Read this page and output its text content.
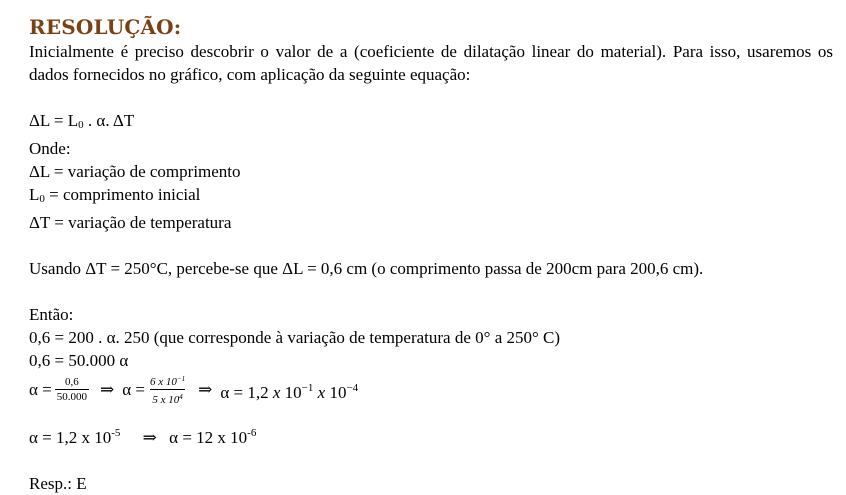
RESOLUÇÃO:
Inicialmente é preciso descobrir o valor de a (coeficiente de dilatação linear do material). Para isso, usaremos os dados fornecidos no gráfico, com aplicação da seguinte equação:
ΔL = L0 . α. ΔT
Onde:
ΔL = variação de comprimento
L0 = comprimento inicial
ΔT = variação de temperatura
Usando ΔT = 250°C, percebe-se que ΔL = 0,6 cm (o comprimento passa de 200cm para 200,6 cm).
Então:
0,6 = 200 . α. 250 (que corresponde à variação de temperatura de 0° a 250° C)
0,6 = 50.000 α
$\alpha = \frac{0,6}{50.000}$ ⇒ $\alpha = \frac{6 x 10^{-1}}{5 x 10^4}$ ⇒ α = 1,2 x $10^{-1}$ x $10^{-4}$
α = 1,2 x $10^{-5}$ ⇒ α = 12 x $10^{-6}$
Resp.: E
